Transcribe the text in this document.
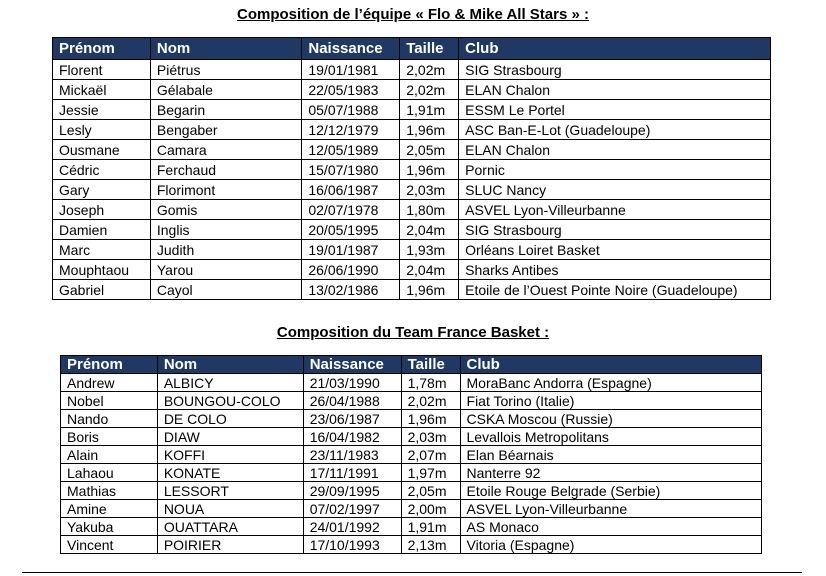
Composition de l’équipe « Flo & Mike All Stars » :
Prénom	Nom	Naissance	Taille	Club
Florent	Piétrus	19/01/1981	2,02m	SIG Strasbourg
Mickaël	Gélabale	22/05/1983	2,02m	ELAN Chalon
Jessie	Begarin	05/07/1988	1,91m	ESSM Le Portel
Lesly	Bengaber	12/12/1979	1,96m	ASC Ban-E-Lot (Guadeloupe)
Ousmane	Camara	12/05/1989	2,05m	ELAN Chalon
Cédric	Ferchaud	15/07/1980	1,96m	Pornic
Gary	Florimont	16/06/1987	2,03m	SLUC Nancy
Joseph	Gomis	02/07/1978	1,80m	ASVEL Lyon-Villeurbanne
Damien	Inglis	20/05/1995	2,04m	SIG Strasbourg
Marc	Judith	19/01/1987	1,93m	Orléans Loiret Basket
Mouphtaou	Yarou	26/06/1990	2,04m	Sharks Antibes
Gabriel	Cayol	13/02/1986	1,96m	Etoile de l’Ouest Pointe Noire (Guadeloupe)
Composition du Team France Basket :
Prénom	Nom	Naissance	Taille	Club
Andrew	ALBICY	21/03/1990	1,78m	MoraBanc Andorra (Espagne)
Nobel	BOUNGOU-COLO	26/04/1988	2,02m	Fiat Torino (Italie)
Nando	DE COLO	23/06/1987	1,96m	CSKA Moscou (Russie)
Boris	DIAW	16/04/1982	2,03m	Levallois Metropolitans
Alain	KOFFI	23/11/1983	2,07m	Elan Béarnais
Lahaou	KONATE	17/11/1991	1,97m	Nanterre 92
Mathias	LESSORT	29/09/1995	2,05m	Etoile Rouge Belgrade (Serbie)
Amine	NOUA	07/02/1997	2,00m	ASVEL Lyon-Villeurbanne
Yakuba	OUATTARA	24/01/1992	1,91m	AS Monaco
Vincent	POIRIER	17/10/1993	2,13m	Vitoria (Espagne)
